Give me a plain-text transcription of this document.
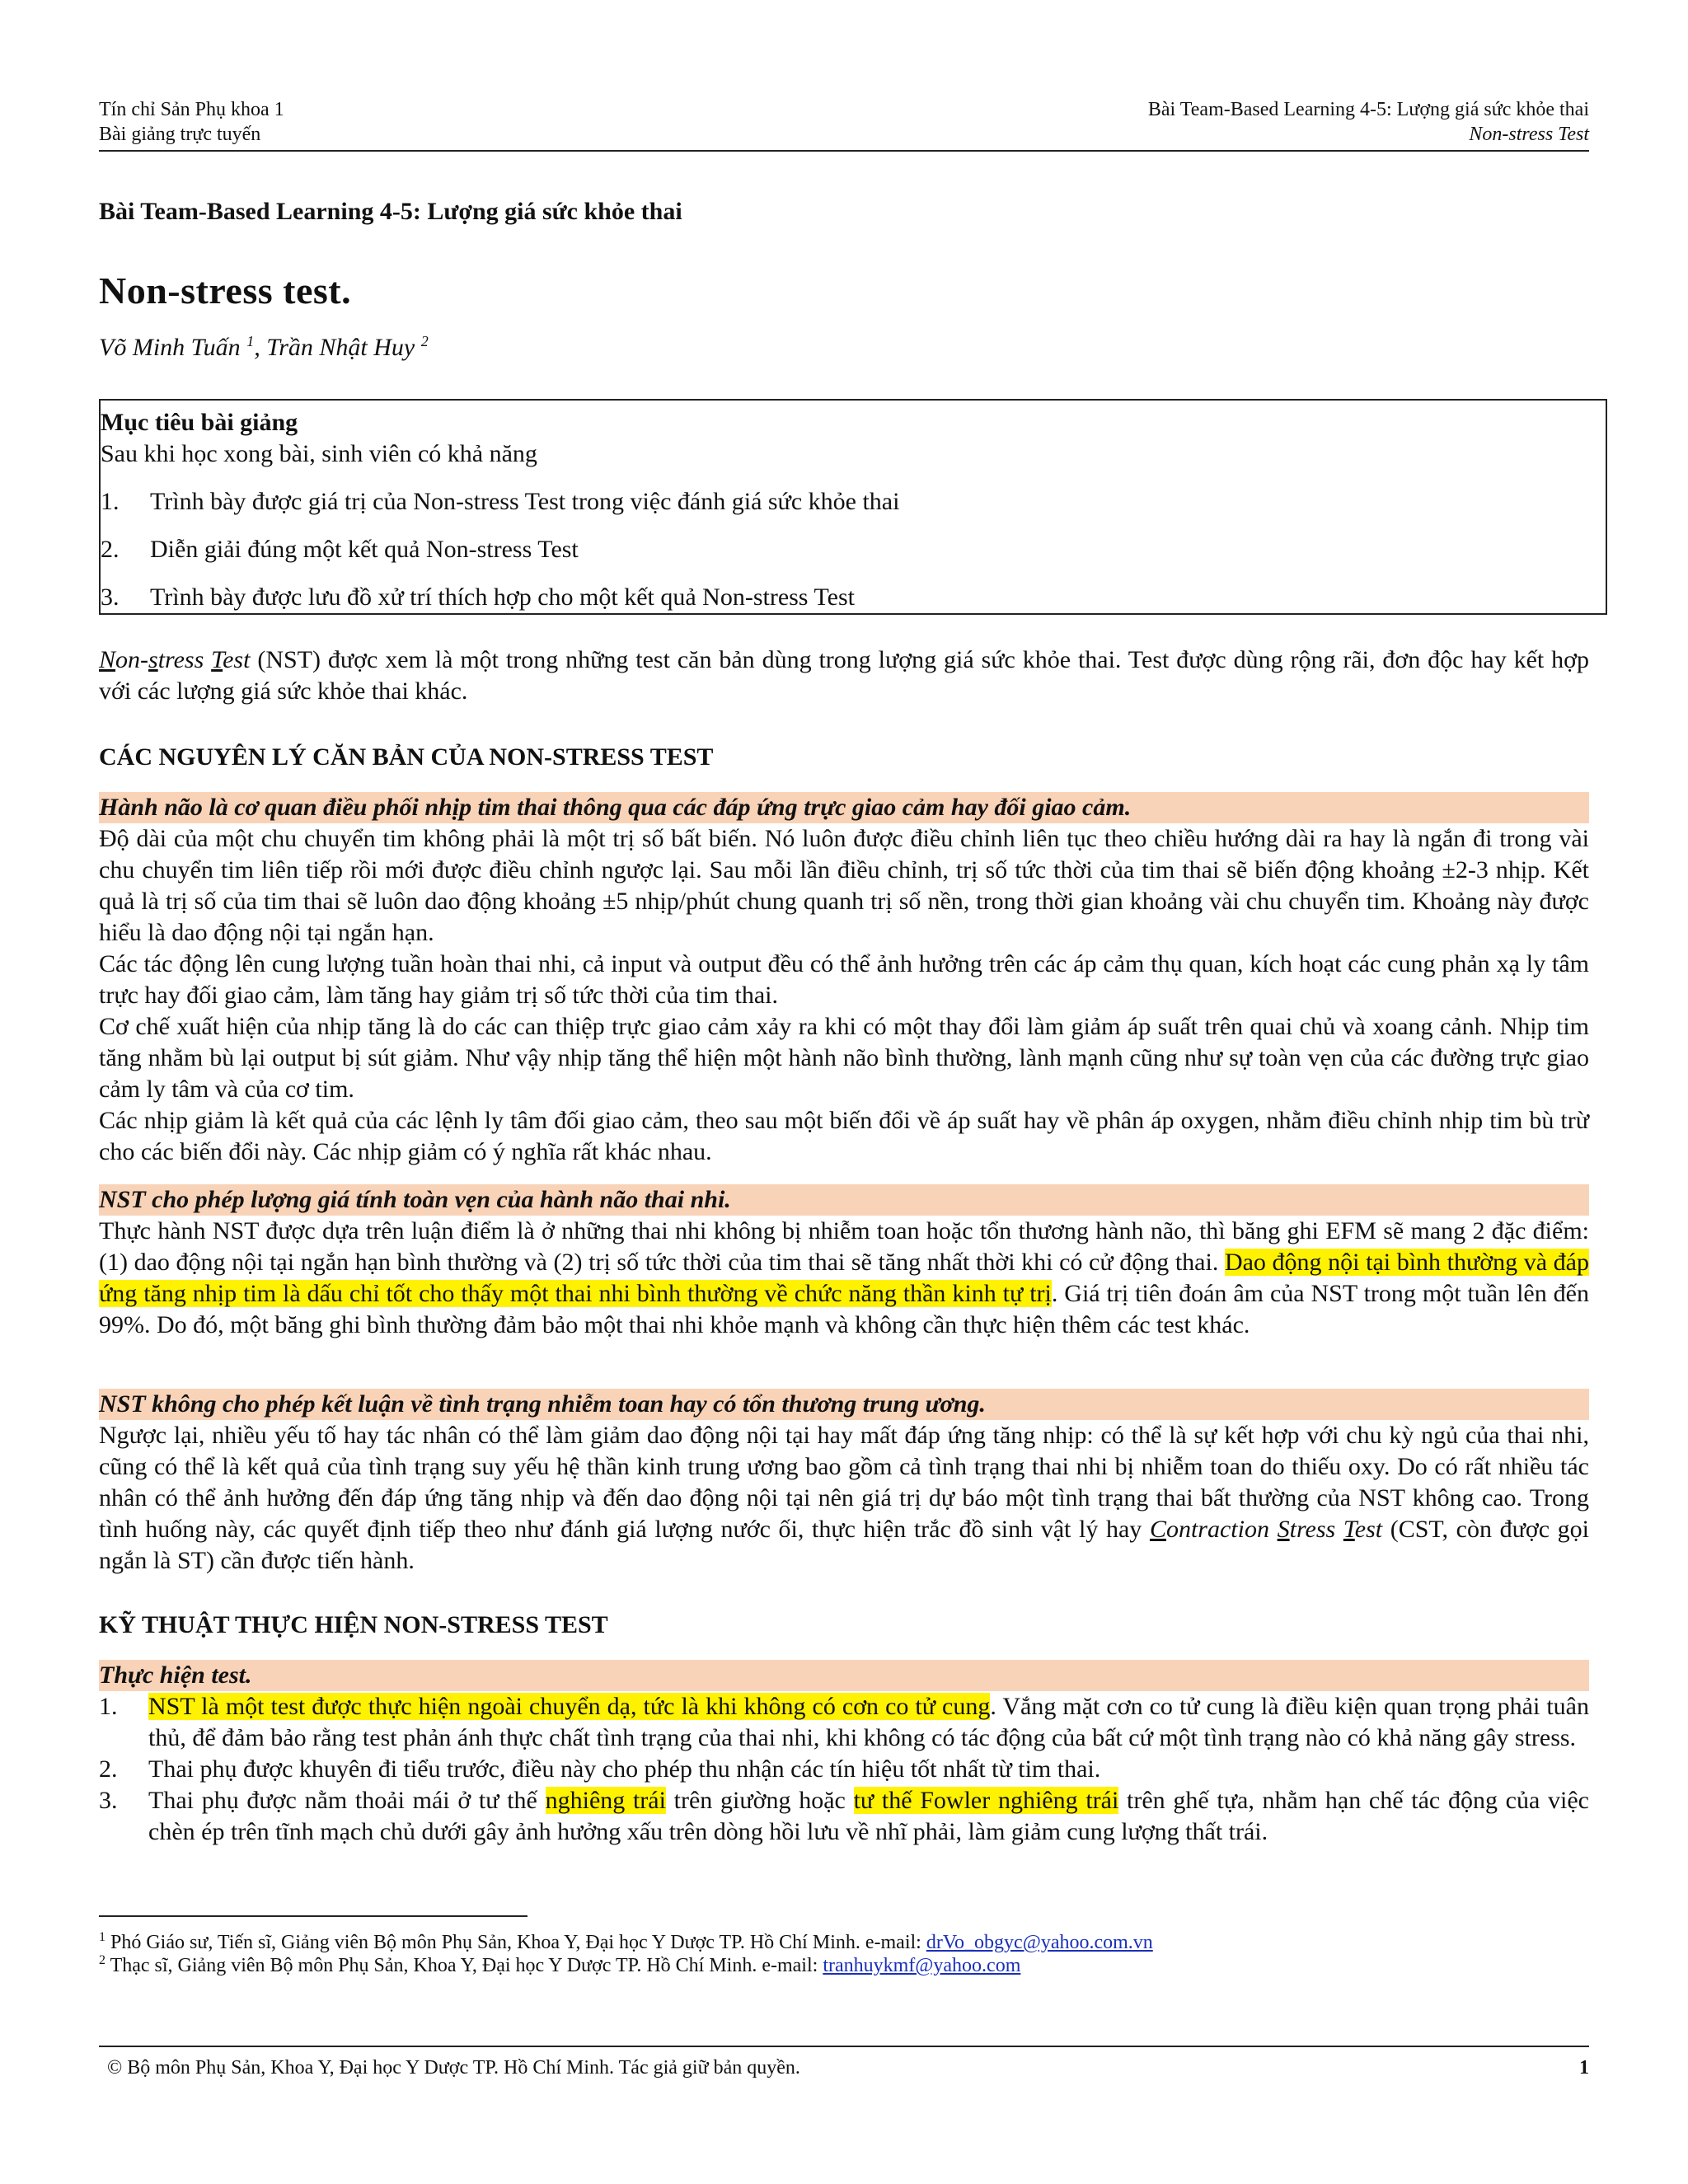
Tín chỉ Sản Phụ khoa 1
Bài giảng trực tuyến
Bài Team-Based Learning 4-5: Lượng giá sức khỏe thai
Non-stress Test
Bài Team-Based Learning 4-5: Lượng giá sức khỏe thai
Non-stress test.
Võ Minh Tuấn $^1$, Trần Nhật Huy $^2$
Mục tiêu bài giảng
Sau khi học xong bài, sinh viên có khả năng
1.	Trình bày được giá trị của Non-stress Test trong việc đánh giá sức khỏe thai
2.	Diễn giải đúng một kết quả Non-stress Test
3.	Trình bày được lưu đồ xử trí thích hợp cho một kết quả Non-stress Test

Non-stress Test (NST) được xem là một trong những test căn bản dùng trong lượng giá sức khỏe thai. Test được dùng rộng rãi, đơn độc hay kết hợp với các lượng giá sức khỏe thai khác.

CÁC NGUYÊN LÝ CĂN BẢN CỦA NON-STRESS TEST
Hành não là cơ quan điều phối nhịp tim thai thông qua các đáp ứng trực giao cảm hay đối giao cảm.

Độ dài của một chu chuyển tim không phải là một trị số bất biến. Nó luôn được điều chỉnh liên tục theo chiều hướng dài ra hay là ngắn đi trong vài chu chuyển tim liên tiếp rồi mới được điều chỉnh ngược lại. Sau mỗi lần điều chỉnh, trị số tức thời của tim thai sẽ biến động khoảng ±2-3 nhịp. Kết quả là trị số của tim thai sẽ luôn dao động khoảng ±5 nhịp/phút chung quanh trị số nền, trong thời gian khoảng vài chu chuyển tim. Khoảng này được hiểu là dao động nội tại ngắn hạn.

Các tác động lên cung lượng tuần hoàn thai nhi, cả input và output đều có thể ảnh hưởng trên các áp cảm thụ quan, kích hoạt các cung phản xạ ly tâm trực hay đối giao cảm, làm tăng hay giảm trị số tức thời của tim thai.

Cơ chế xuất hiện của nhịp tăng là do các can thiệp trực giao cảm xảy ra khi có một thay đổi làm giảm áp suất trên quai chủ và xoang cảnh. Nhịp tim tăng nhằm bù lại output bị sút giảm. Như vậy nhịp tăng thể hiện một hành não bình thường, lành mạnh cũng như sự toàn vẹn của các đường trực giao cảm ly tâm và của cơ tim.

Các nhịp giảm là kết quả của các lệnh ly tâm đối giao cảm, theo sau một biến đổi về áp suất hay về phân áp oxygen, nhằm điều chỉnh nhịp tim bù trừ cho các biến đổi này. Các nhịp giảm có ý nghĩa rất khác nhau.

NST cho phép lượng giá tính toàn vẹn của hành não thai nhi.

Thực hành NST được dựa trên luận điểm là ở những thai nhi không bị nhiễm toan hoặc tổn thương hành não, thì băng ghi EFM sẽ mang 2 đặc điểm: (1) dao động nội tại ngắn hạn bình thường và (2) trị số tức thời của tim thai sẽ tăng nhất thời khi có cử động thai. Dao động nội tại bình thường và đáp ứng tăng nhịp tim là dấu chỉ tốt cho thấy một thai nhi bình thường về chức năng thần kinh tự trị. Giá trị tiên đoán âm của NST trong một tuần lên đến 99%. Do đó, một băng ghi bình thường đảm bảo một thai nhi khỏe mạnh và không cần thực hiện thêm các test khác.

NST không cho phép kết luận về tình trạng nhiễm toan hay có tổn thương trung ương.

Ngược lại, nhiều yếu tố hay tác nhân có thể làm giảm dao động nội tại hay mất đáp ứng tăng nhịp: có thể là sự kết hợp với chu kỳ ngủ của thai nhi, cũng có thể là kết quả của tình trạng suy yếu hệ thần kinh trung ương bao gồm cả tình trạng thai nhi bị nhiễm toan do thiếu oxy. Do có rất nhiều tác nhân có thể ảnh hưởng đến đáp ứng tăng nhịp và đến dao động nội tại nên giá trị dự báo một tình trạng thai bất thường của NST không cao. Trong tình huống này, các quyết định tiếp theo như đánh giá lượng nước ối, thực hiện trắc đồ sinh vật lý hay Contraction Stress Test (CST, còn được gọi ngắn là ST) cần được tiến hành.

KỸ THUẬT THỰC HIỆN NON-STRESS TEST
Thực hiện test.
1.	NST là một test được thực hiện ngoài chuyển dạ, tức là khi không có cơn co tử cung. Vắng mặt cơn co tử cung là điều kiện quan trọng phải tuân thủ, để đảm bảo rằng test phản ánh thực chất tình trạng của thai nhi, khi không có tác động của bất cứ một tình trạng nào có khả năng gây stress.
2.	Thai phụ được khuyên đi tiểu trước, điều này cho phép thu nhận các tín hiệu tốt nhất từ tim thai.
3.	Thai phụ được nằm thoải mái ở tư thế nghiêng trái trên giường hoặc tư thế Fowler nghiêng trái trên ghế tựa, nhằm hạn chế tác động của việc chèn ép trên tĩnh mạch chủ dưới gây ảnh hưởng xấu trên dòng hồi lưu về nhĩ phải, làm giảm cung lượng thất trái.
$^1$ Phó Giáo sư, Tiến sĩ, Giảng viên Bộ môn Phụ Sản, Khoa Y, Đại học Y Dược TP. Hồ Chí Minh. e-mail: drVo_obgyc@yahoo.com.vn
$^2$ Thạc sĩ, Giảng viên Bộ môn Phụ Sản, Khoa Y, Đại học Y Dược TP. Hồ Chí Minh. e-mail: tranhuykmf@yahoo.com
© Bộ môn Phụ Sản, Khoa Y, Đại học Y Dược TP. Hồ Chí Minh. Tác giả giữ bản quyền.	1
